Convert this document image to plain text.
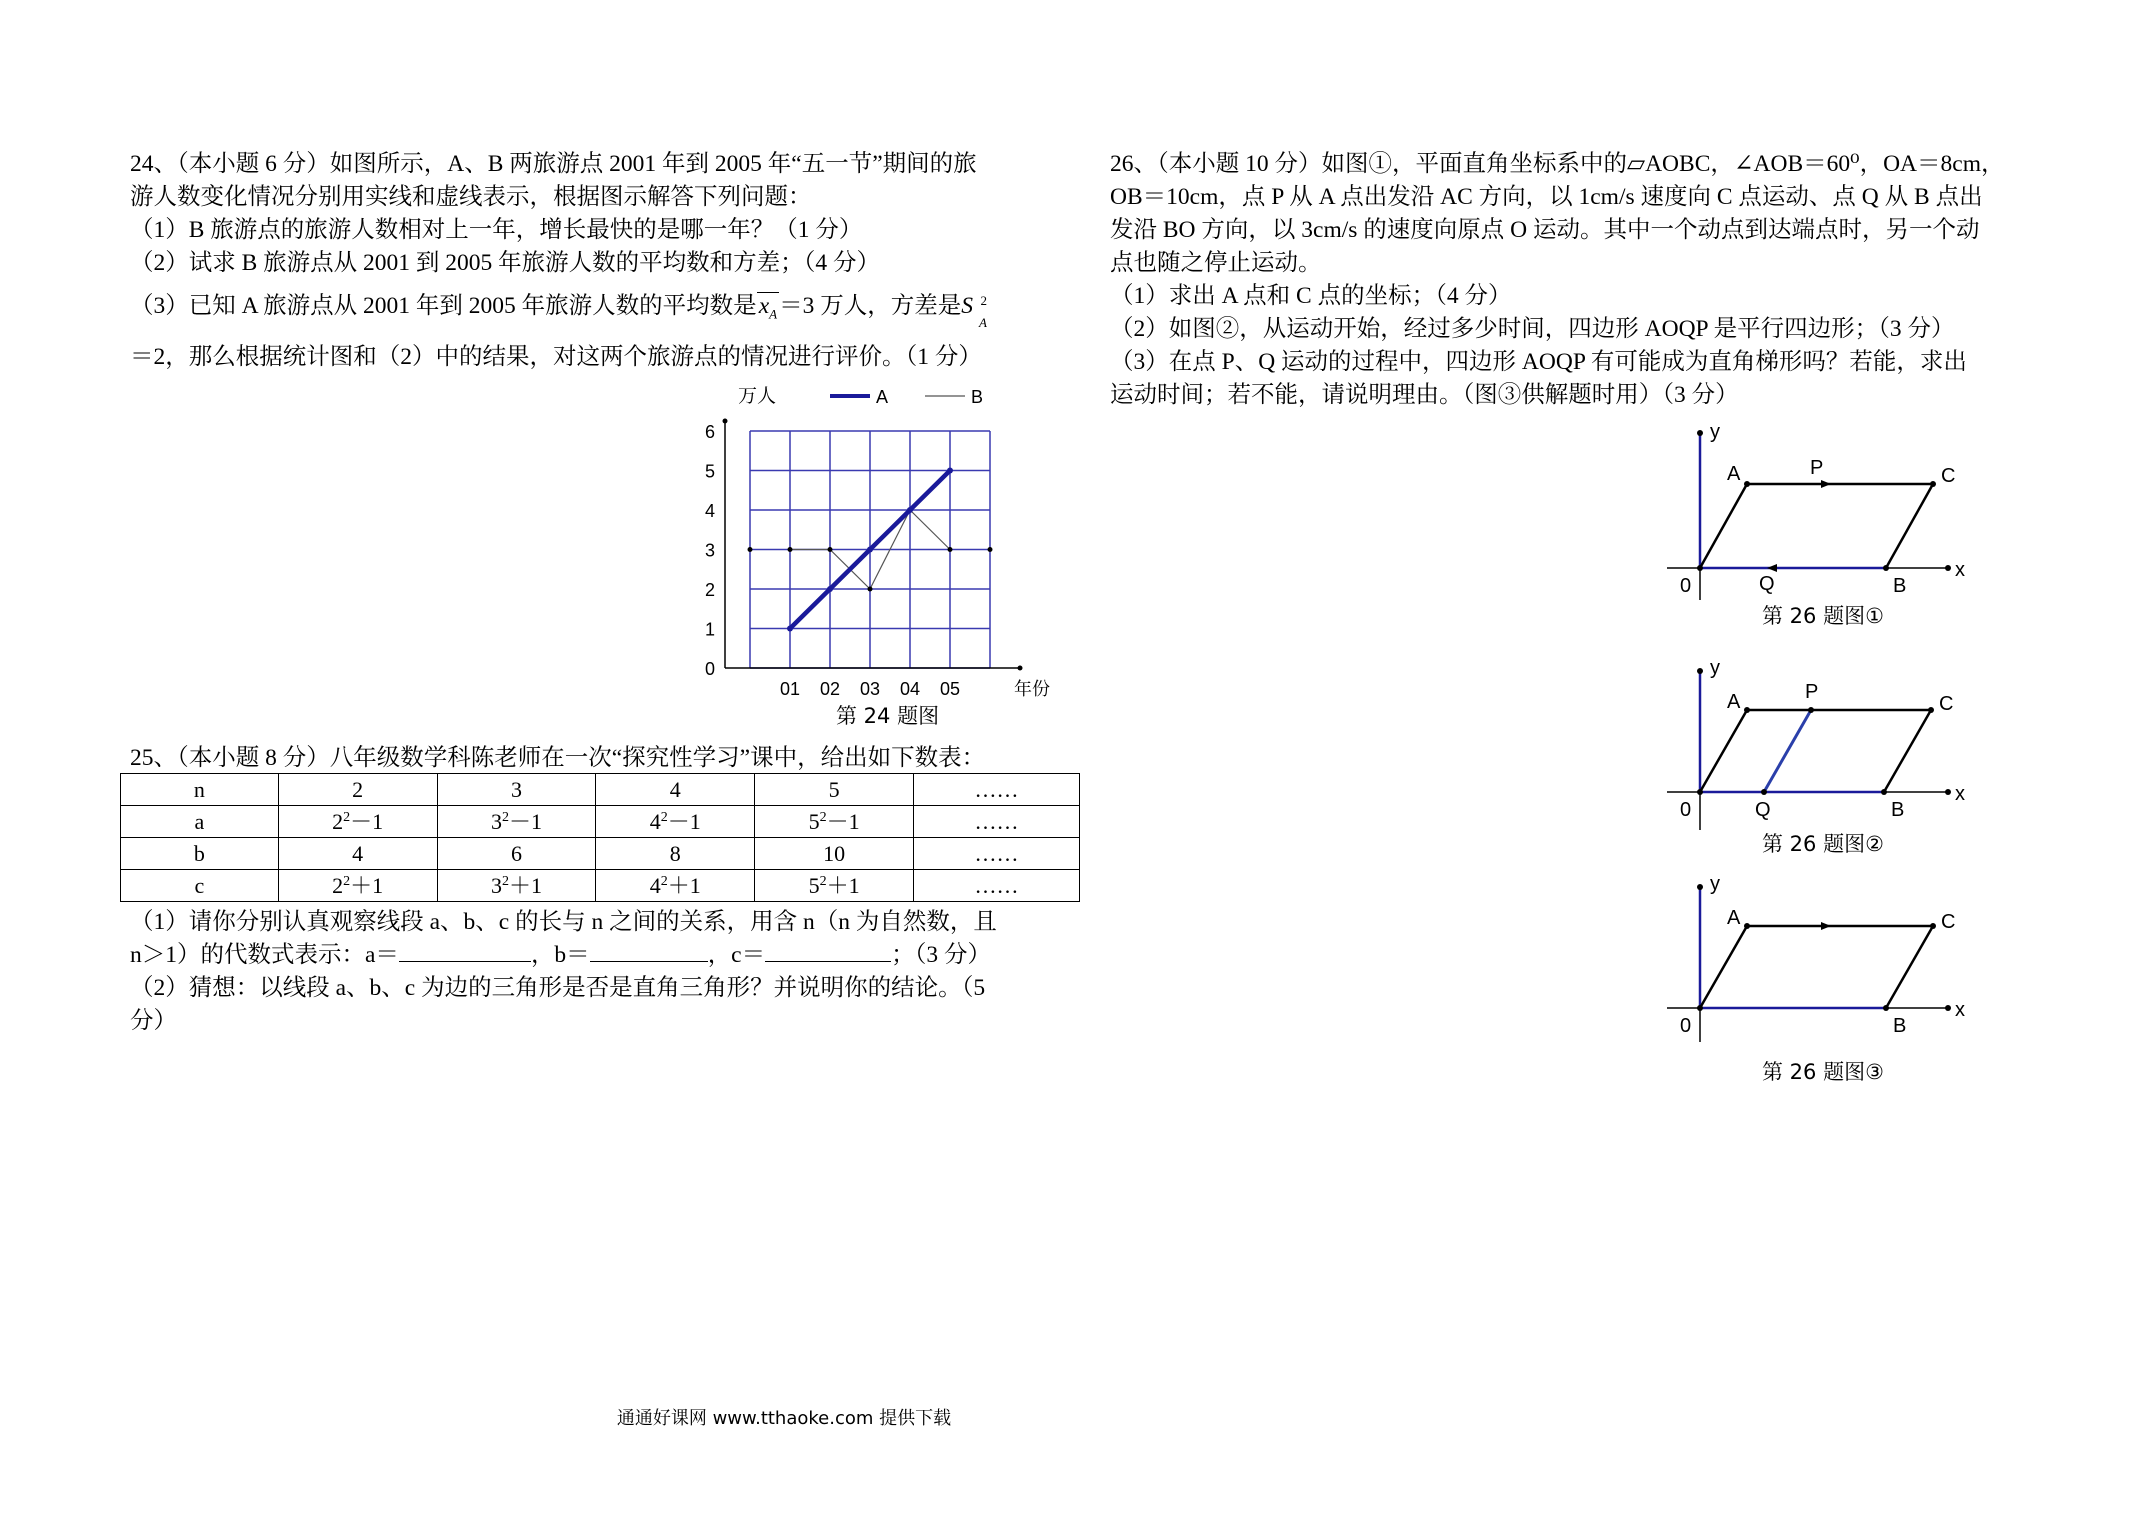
24、（本小题 6 分）如图所示，A、B 两旅游点 2001 年到 2005 年“五一节”期间的旅

游人数变化情况分别用实线和虚线表示，根据图示解答下列问题：

（1）B 旅游点的旅游人数相对上一年，增长最快的是哪一年？（1 分）

（2）试求 B 旅游点从 2001 到 2005 年旅游人数的平均数和方差；（4 分）

（3）已知 A 旅游点从 2001 年到 2005 年旅游人数的平均数是$x_A=3$ 万人，方差是S 2
A

＝2，那么根据统计图和（2）中的结果，对这两个旅游点的情况进行评价。（1 分）

0
1
2
3
4
5
6
01 02 03 04 05
万人
年份
A	B
第 24 题图

25、（本小题 8 分）八年级数学科陈老师在一次“探究性学习”课中，给出如下数表：

n	2	3	4	5	……
a	$2^2-1$	$3^2-1$	$4^2-1$	$5^2-1$	……
b	4	6	8	10	……
c	$2^2+1$	$3^2+1$	$4^2+1$	$5^2+1$	……

（1）请你分别认真观察线段 a、b、c 的长与 n 之间的关系，用含 n（n 为自然数，且

n＞1）的代数式表示：a＝	，b＝	，c＝	；（3 分）

（2）猜想：以线段 a、b、c 为边的三角形是否是直角三角形？并说明你的结论。（5

分）

26、（本小题 10 分）如图①，平面直角坐标系中的▱AOBC，∠AOB＝60⁰，OA＝8cm，

OB＝10cm，点 P 从 A 点出发沿 AC 方向，以 1cm/s 速度向 C 点运动、点 Q 从 B 点出

发沿 BO 方向，以 3cm/s 的速度向原点 O 运动。其中一个动点到达端点时，另一个动

点也随之停止运动。

（1）求出 A 点和 C 点的坐标；（4 分）

（2）如图②，从运动开始，经过多少时间，四边形 AOQP 是平行四边形；（3 分）

（3）在点 P、Q 运动的过程中，四边形 AOQP 有可能成为直角梯形吗？若能，求出

运动时间；若不能，请说明理由。（图③供解题时用）（3 分）

y
x
0
A
B
C
P
Q
第 26 题图①
y
x
0
A
B
C
P
Q
第 26 题图②
y
x
0
A
B
C
第 26 题图③
通通好课网 www.tthaoke.com 提供下载
